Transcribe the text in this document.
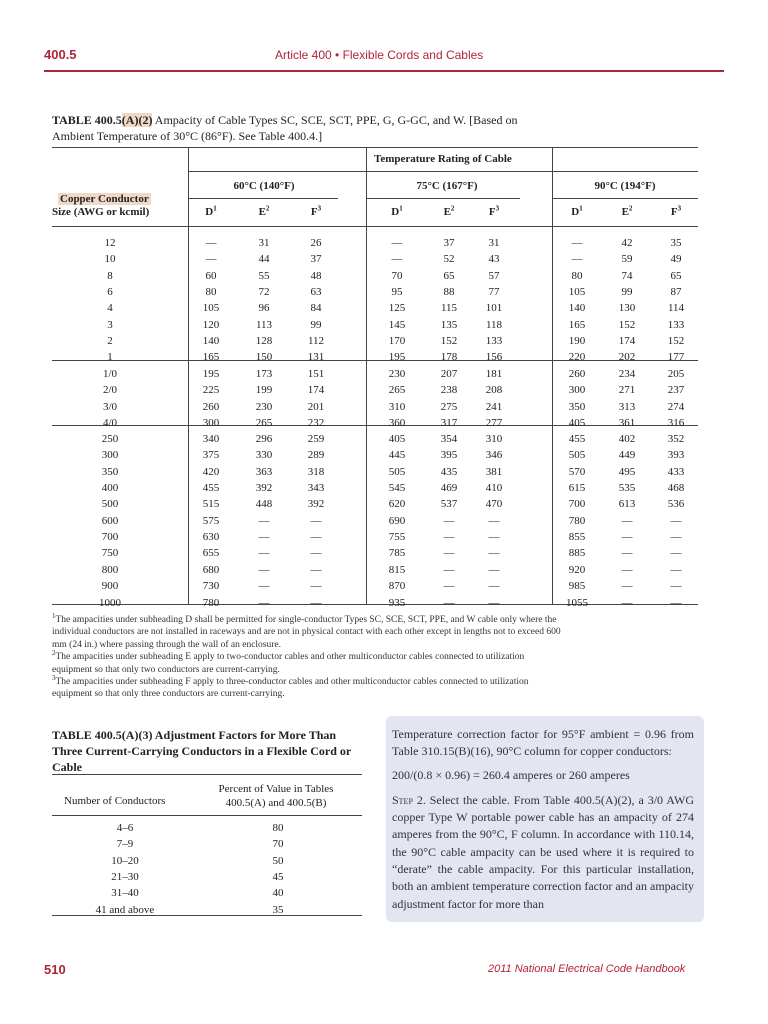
400.5	Article 400 • Flexible Cords and Cables
TABLE 400.5(A)(2) Ampacity of Cable Types SC, SCE, SCT, PPE, G, G-GC, and W. [Based on Ambient Temperature of 30°C (86°F). See Table 400.4.]
Temperature Rating of Cable
60°C (140°F)	75°C (167°F)	90°C (194°F)
Copper Conductor
Size (AWG or kcmil)	$D^1$	$E^2$	$F^3$	$D^1$	$E^2$	$F^3$	$D^1$	$E^2$	$F^3$
12	—	31	26	—	37	31	—	42	35
10	—	44	37	—	52	43	—	59	49
8	60	55	48	70	65	57	80	74	65
6	80	72	63	95	88	77	105	99	87
4	105	96	84	125	115	101	140	130	114
3	120	113	99	145	135	118	165	152	133
2	140	128	112	170	152	133	190	174	152
1	165	150	131	195	178	156	220	202	177
1/0	195	173	151	230	207	181	260	234	205
2/0	225	199	174	265	238	208	300	271	237
3/0	260	230	201	310	275	241	350	313	274
4/0	300	265	232	360	317	277	405	361	316
250	340	296	259	405	354	310	455	402	352
300	375	330	289	445	395	346	505	449	393
350	420	363	318	505	435	381	570	495	433
400	455	392	343	545	469	410	615	535	468
500	515	448	392	620	537	470	700	613	536
600	575	—	—	690	—	—	780	—	—
700	630	—	—	755	—	—	855	—	—
750	655	—	—	785	—	—	885	—	—
800	680	—	—	815	—	—	920	—	—
900	730	—	—	870	—	—	985	—	—
1000	780	—	—	935	—	—	1055	—	—

$^1$The ampacities under subheading D shall be permitted for single-conductor Types SC, SCE, SCT, PPE, and W cable only where the individual conductors are not installed in raceways and are not in physical contact with each other except in lengths not to exceed 600 mm (24 in.) where passing through the wall of an enclosure.

$^2$The ampacities under subheading E apply to two-conductor cables and other multiconductor cables connected to utilization equipment so that only two conductors are current-carrying.

$^3$The ampacities under subheading F apply to three-conductor cables and other multiconductor cables connected to utilization equipment so that only three conductors are current-carrying.

TABLE 400.5(A)(3) Adjustment Factors for More Than Three Current-Carrying Conductors in a Flexible Cord or Cable
Number of Conductors
Percent of Value in Tables 400.5(A) and 400.5(B)
4–6	80
7–9	70
10–20	50
21–30	45
31–40	40
41 and above	35

Temperature correction factor for 95°F ambient = 0.96 from Table 310.15(B)(16), 90°C column for copper conductors:

200/(0.8 × 0.96) = 260.4 amperes or 260 amperes

Step 2. Select the cable. From Table 400.5(A)(2), a 3/0 AWG copper Type W portable power cable has an ampacity of 274 amperes from the 90°C, F column. In accordance with 110.14, the 90°C cable ampacity can be used where it is required to “derate” the cable ampacity. For this particular installation, both an ambient temperature correction factor and an ampacity adjustment factor for more than

510	2011 National Electrical Code Handbook
